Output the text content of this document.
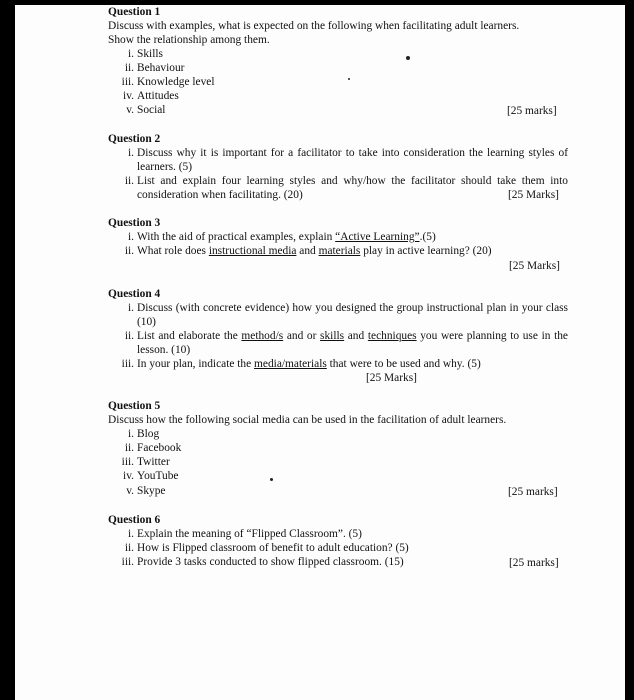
Question 1
Discuss with examples, what is expected on the following when facilitating adult learners.
Show the relationship among them.
i. Skills
ii. Behaviour
iii. Knowledge level
iv. Attitudes
v. Social	[25 marks]
Question 2
i. Discuss why it is important for a facilitator to take into consideration the learning styles of learners. (5)
ii. List and explain four learning styles and why/how the facilitator should take them into consideration when facilitating. (20)	[25 Marks]
Question 3
i. With the aid of practical examples, explain “Active Learning”.(5)
ii. What role does instructional media and materials play in active learning? (20)
[25 Marks]
Question 4
i. Discuss (with concrete evidence) how you designed the group instructional plan in your class (10)
ii. List and elaborate the method/s and or skills and techniques you were planning to use in the lesson. (10)
iii. In your plan, indicate the media/materials that were to be used and why. (5)
[25 Marks]
Question 5
Discuss how the following social media can be used in the facilitation of adult learners.
i. Blog
ii. Facebook
iii. Twitter
iv. YouTube
v. Skype	[25 marks]
Question 6
i. Explain the meaning of “Flipped Classroom”. (5)
ii. How is Flipped classroom of benefit to adult education? (5)
iii. Provide 3 tasks conducted to show flipped classroom. (15)	[25 marks]
